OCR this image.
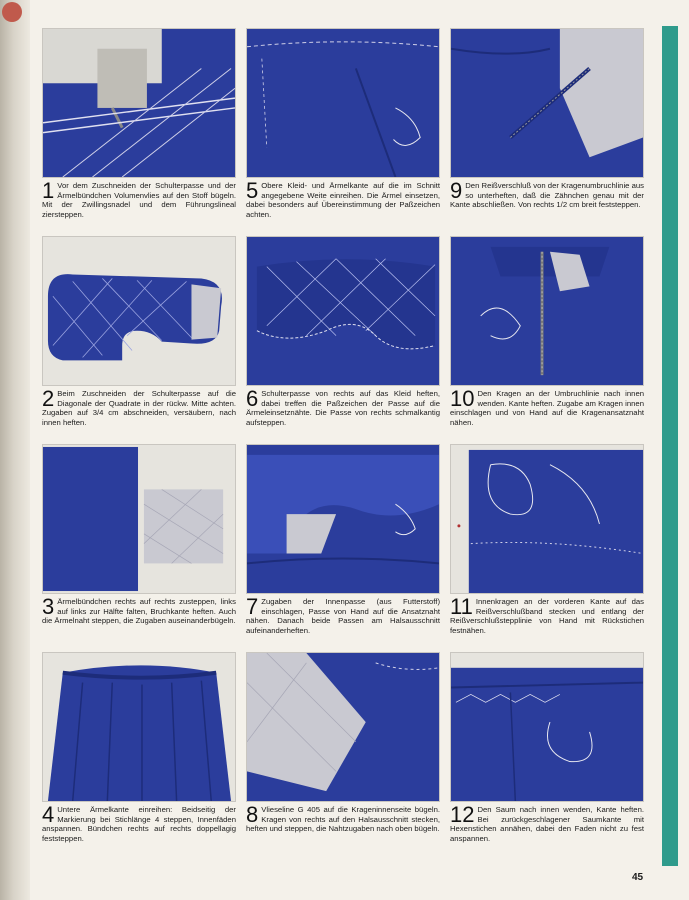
1 Vor dem Zuschneiden der Schulterpasse und der Ärmelbündchen Volumenvlies auf den Stoff bügeln. Mit der Zwillingsnadel und dem Führungslineal ziersteppen.
2 Beim Zuschneiden der Schulterpasse auf die Diagonale der Quadrate in der rückw. Mitte achten. Zugaben auf 3/4 cm abschneiden, versäubern, nach innen heften.
3 Ärmelbündchen rechts auf rechts zusteppen, links auf links zur Hälfte falten, Bruchkante heften. Auch die Ärmelnaht steppen, die Zugaben auseinanderbügeln.
4 Untere Ärmelkante einreihen: Beidseitig der Markierung bei Stichlänge 4 steppen, Innenfäden anspannen. Bündchen rechts auf rechts doppellagig feststeppen.
5 Obere Kleid- und Ärmelkante auf die im Schnitt angegebene Weite einreihen. Die Ärmel einsetzen, dabei besonders auf Übereinstimmung der Paßzeichen achten.
6 Schulterpasse von rechts auf das Kleid heften, dabei treffen die Paßzeichen der Passe auf die Ärmeleinsetznähte. Die Passe von rechts schmalkantig aufsteppen.
7 Zugaben der Innenpasse (aus Futterstoff) einschlagen, Passe von Hand auf die Ansatznaht nähen. Danach beide Passen am Halsausschnitt aufeinanderheften.
8 Vlieseline G 405 auf die Krageninnenseite bügeln. Kragen von rechts auf den Halsausschnitt stecken, heften und steppen, die Nahtzugaben nach oben bügeln.
9 Den Reißverschluß von der Kragenumbruchlinie aus so unterheften, daß die Zähnchen genau mit der Kante abschließen. Von rechts 1/2 cm breit feststeppen.
10 Den Kragen an der Umbruchlinie nach innen wenden. Kante heften. Zugabe am Kragen innen einschlagen und von Hand auf die Kragenansatznaht nähen.
11 Innenkragen an der vorderen Kante auf das Reißverschlußband stecken und entlang der Reißverschlußstepplinie von Hand mit Rückstichen festnähen.
12 Den Saum nach innen wenden, Kante heften. Bei zurückgeschlagener Saumkante mit Hexenstichen annähen, dabei den Faden nicht zu fest anspannen.
45
